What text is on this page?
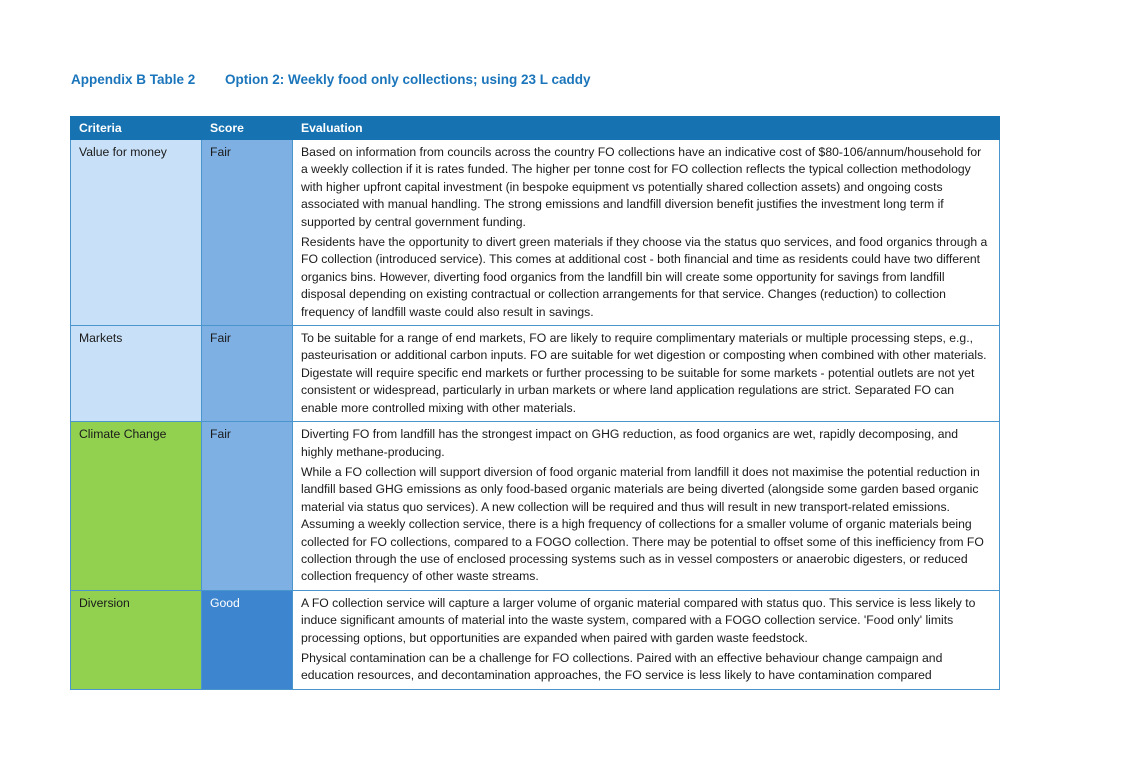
Appendix B Table 2 Option 2: Weekly food only collections; using 23 L caddy
Criteria	Score	Evaluation
Value for money	Fair	Based on information from councils across the country FO collections have an indicative cost of $80-106/annum/household for a weekly collection if it is rates funded. The higher per tonne cost for FO collection reflects the typical collection methodology with higher upfront capital investment (in bespoke equipment vs potentially shared collection assets) and ongoing costs associated with manual handling. The strong emissions and landfill diversion benefit justifies the investment long term if supported by central government funding.

Residents have the opportunity to divert green materials if they choose via the status quo services, and food organics through a FO collection (introduced service). This comes at additional cost - both financial and time as residents could have two different organics bins. However, diverting food organics from the landfill bin will create some opportunity for savings from landfill disposal depending on existing contractual or collection arrangements for that service. Changes (reduction) to collection frequency of landfill waste could also result in savings.

Markets	Fair	To be suitable for a range of end markets, FO are likely to require complimentary materials or multiple processing steps, e.g., pasteurisation or additional carbon inputs. FO are suitable for wet digestion or composting when combined with other materials. Digestate will require specific end markets or further processing to be suitable for some markets - potential outlets are not yet consistent or widespread, particularly in urban markets or where land application regulations are strict. Separated FO can enable more controlled mixing with other materials.

Climate Change	Fair	Diverting FO from landfill has the strongest impact on GHG reduction, as food organics are wet, rapidly decomposing, and highly methane-producing.

While a FO collection will support diversion of food organic material from landfill it does not maximise the potential reduction in landfill based GHG emissions as only food-based organic materials are being diverted (alongside some garden based organic material via status quo services). A new collection will be required and thus will result in new transport-related emissions. Assuming a weekly collection service, there is a high frequency of collections for a smaller volume of organic materials being collected for FO collections, compared to a FOGO collection. There may be potential to offset some of this inefficiency from FO collection through the use of enclosed processing systems such as in vessel composters or anaerobic digesters, or reduced collection frequency of other waste streams.

Diversion	Good	A FO collection service will capture a larger volume of organic material compared with status quo. This service is less likely to induce significant amounts of material into the waste system, compared with a FOGO collection service. 'Food only' limits processing options, but opportunities are expanded when paired with garden waste feedstock.

Physical contamination can be a challenge for FO collections. Paired with an effective behaviour change campaign and education resources, and decontamination approaches, the FO service is less likely to have contamination compared
